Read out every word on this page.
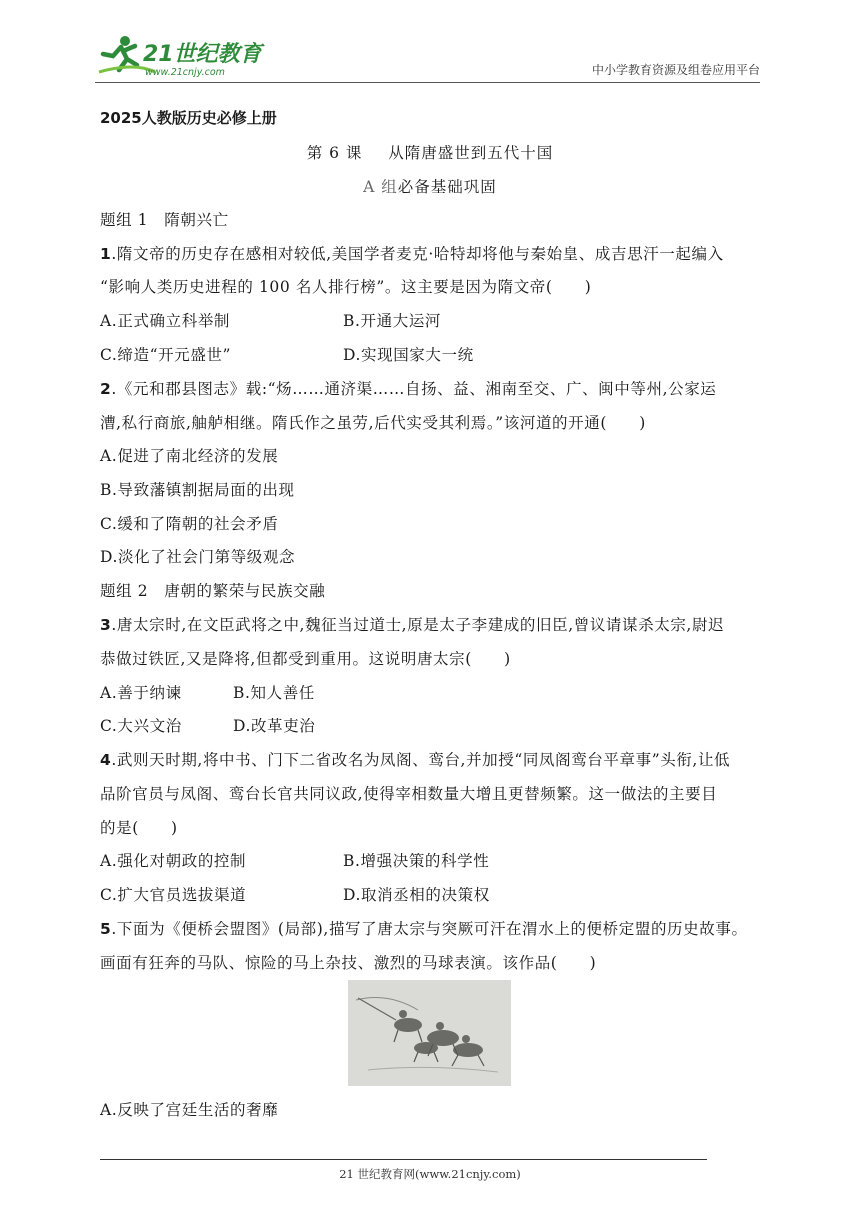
21世纪教育
www.21cnjy.com	中小学教育资源及组卷应用平台
2025人教版历史必修上册
第 6 课 从隋唐盛世到五代十国
A 组必备基础巩固
题组 1　隋朝兴亡
1.隋文帝的历史存在感相对较低,美国学者麦克·哈特却将他与秦始皇、成吉思汗一起编入
“影响人类历史进程的 100 名人排行榜”。这主要是因为隋文帝(　　)
A.正式确立科举制	B.开通大运河
C.缔造“开元盛世”	D.实现国家大一统
2.《元和郡县图志》载:“炀……通济渠……自扬、益、湘南至交、广、闽中等州,公家运
漕,私行商旅,舳舻相继。隋氏作之虽劳,后代实受其利焉。”该河道的开通(　　)
A.促进了南北经济的发展
B.导致藩镇割据局面的出现
C.缓和了隋朝的社会矛盾
D.淡化了社会门第等级观念
题组 2　唐朝的繁荣与民族交融
3.唐太宗时,在文臣武将之中,魏征当过道士,原是太子李建成的旧臣,曾议请谋杀太宗,尉迟
恭做过铁匠,又是降将,但都受到重用。这说明唐太宗(　　)
A.善于纳谏	B.知人善任
C.大兴文治	D.改革吏治
4.武则天时期,将中书、门下二省改名为凤阁、鸾台,并加授“同凤阁鸾台平章事”头衔,让低
品阶官员与凤阁、鸾台长官共同议政,使得宰相数量大增且更替频繁。这一做法的主要目
的是(　　)
A.强化对朝政的控制	B.增强决策的科学性
C.扩大官员选拔渠道	D.取消丞相的决策权
5.下面为《便桥会盟图》(局部),描写了唐太宗与突厥可汗在渭水上的便桥定盟的历史故事。
画面有狂奔的马队、惊险的马上杂技、激烈的马球表演。该作品(　　)
A.反映了宫廷生活的奢靡
21 世纪教育网(www.21cnjy.com)
